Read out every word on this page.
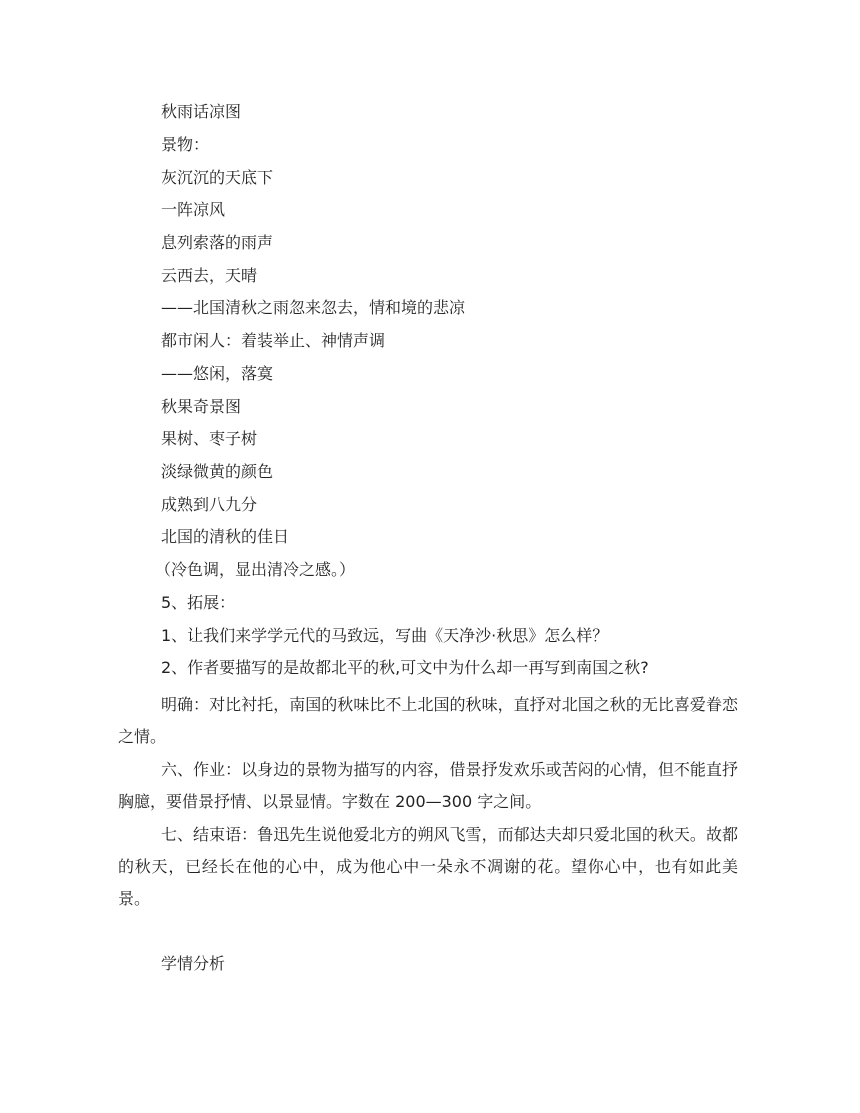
秋雨话凉图
景物：
灰沉沉的天底下
一阵凉风
息列索落的雨声
云西去，天晴
——北国清秋之雨忽来忽去，情和境的悲凉
都市闲人：着装举止、神情声调
——悠闲，落寞
秋果奇景图
果树、枣子树
淡绿微黄的颜色
成熟到八九分
北国的清秋的佳日
（冷色调，显出清冷之感。）
5、拓展：
1、让我们来学学元代的马致远，写曲《天净沙·秋思》怎么样？
2、作者要描写的是故都北平的秋,可文中为什么却一再写到南国之秋?
明确：对比衬托，南国的秋味比不上北国的秋味，直抒对北国之秋的无比喜爱眷恋之情。
六、作业：以身边的景物为描写的内容，借景抒发欢乐或苦闷的心情，但不能直抒胸臆，要借景抒情、以景显情。字数在 200—300 字之间。
七、结束语：鲁迅先生说他爱北方的朔风飞雪，而郁达夫却只爱北国的秋天。故都的秋天，已经长在他的心中，成为他心中一朵永不凋谢的花。望你心中，也有如此美景。
学情分析
